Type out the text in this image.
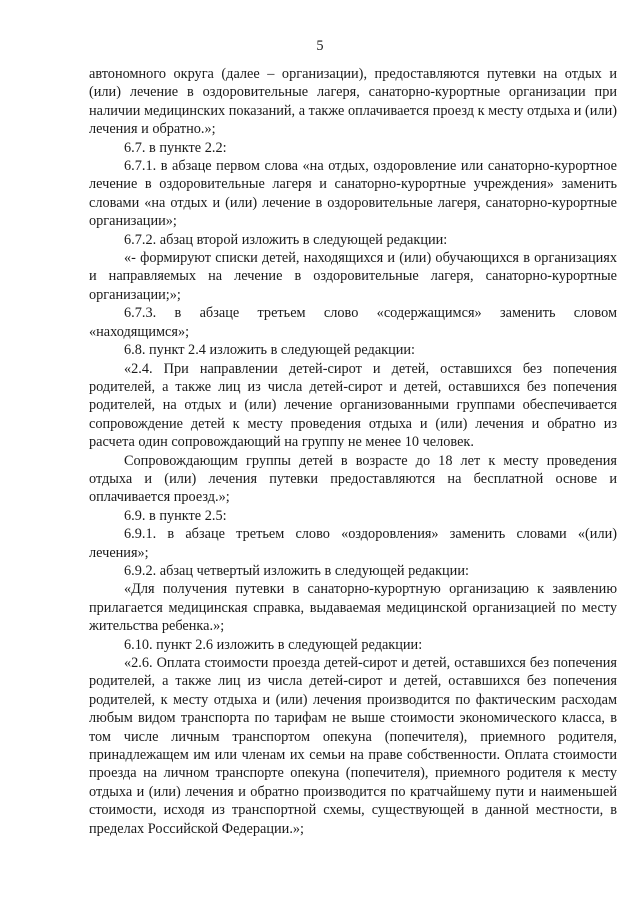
5

автономного округа (далее – организации), предоставляются путевки на отдых и (или) лечение в оздоровительные лагеря, санаторно-курортные организации при наличии медицинских показаний, а также оплачивается проезд к месту отдыха и (или) лечения и обратно.»;

6.7. в пункте 2.2:

6.7.1. в абзаце первом слова «на отдых, оздоровление или санаторно-курортное лечение в оздоровительные лагеря и санаторно-курортные учреждения» заменить словами «на отдых и (или) лечение в оздоровительные лагеря, санаторно-курортные организации»;

6.7.2. абзац второй изложить в следующей редакции:

«- формируют списки детей, находящихся и (или) обучающихся в организациях и направляемых на лечение в оздоровительные лагеря, санаторно-курортные организации;»;

6.7.3. в абзаце третьем слово «содержащимся» заменить словом «находящимся»;

6.8. пункт 2.4 изложить в следующей редакции:

«2.4. При направлении детей-сирот и детей, оставшихся без попечения родителей, а также лиц из числа детей-сирот и детей, оставшихся без попечения родителей, на отдых и (или) лечение организованными группами обеспечивается сопровождение детей к месту проведения отдыха и (или) лечения и обратно из расчета один сопровождающий на группу не менее 10 человек.

Сопровождающим группы детей в возрасте до 18 лет к месту проведения отдыха и (или) лечения путевки предоставляются на бесплатной основе и оплачивается проезд.»;

6.9. в пункте 2.5:

6.9.1. в абзаце третьем слово «оздоровления» заменить словами «(или) лечения»;

6.9.2. абзац четвертый изложить в следующей редакции:

«Для получения путевки в санаторно-курортную организацию к заявлению прилагается медицинская справка, выдаваемая медицинской организацией по месту жительства ребенка.»;

6.10. пункт 2.6 изложить в следующей редакции:

«2.6. Оплата стоимости проезда детей-сирот и детей, оставшихся без попечения родителей, а также лиц из числа детей-сирот и детей, оставшихся без попечения родителей, к месту отдыха и (или) лечения производится по фактическим расходам любым видом транспорта по тарифам не выше стоимости экономического класса, в том числе личным транспортом опекуна (попечителя), приемного родителя, принадлежащем им или членам их семьи на праве собственности. Оплата стоимости проезда на личном транспорте опекуна (попечителя), приемного родителя к месту отдыха и (или) лечения и обратно производится по кратчайшему пути и наименьшей стоимости, исходя из транспортной схемы, существующей в данной местности, в пределах Российской Федерации.»;
